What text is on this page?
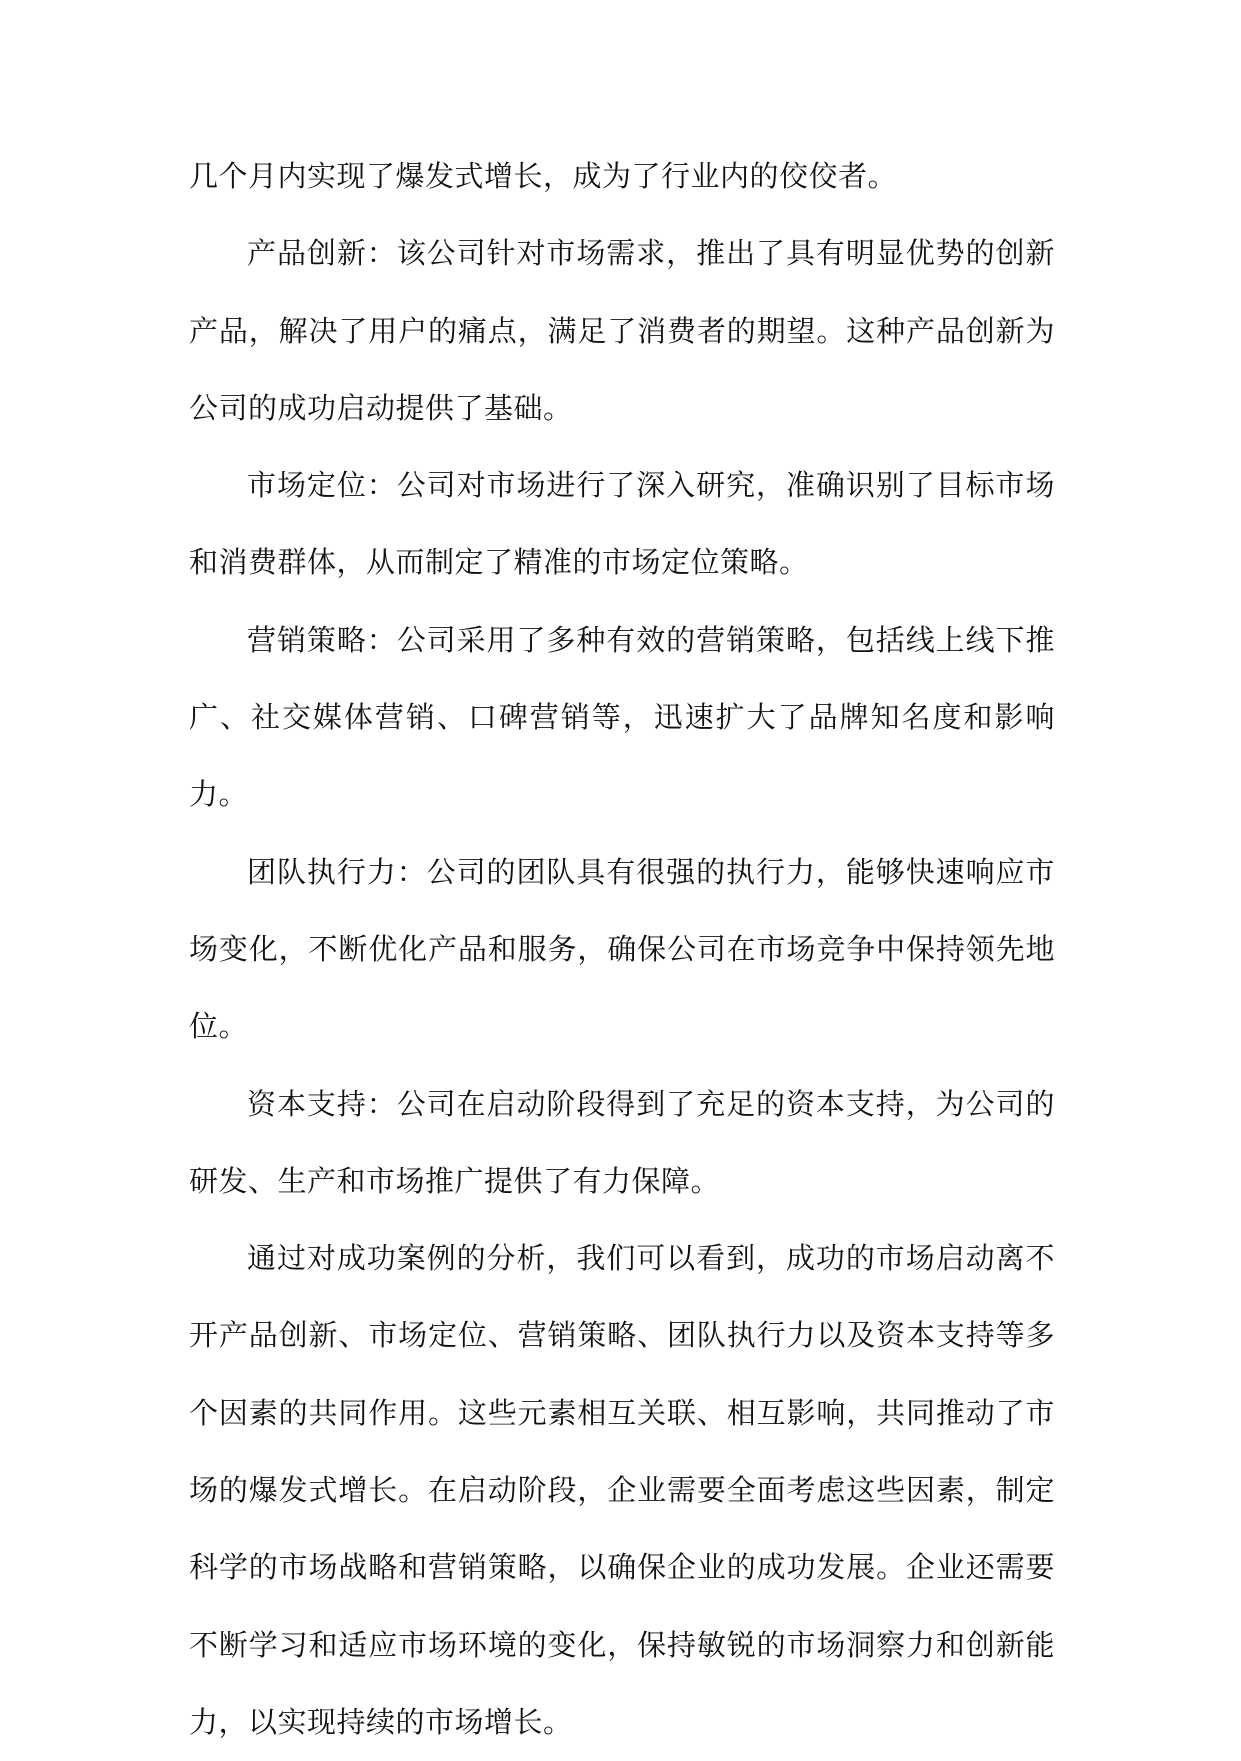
几个月内实现了爆发式增长，成为了行业内的佼佼者。

产品创新：该公司针对市场需求，推出了具有明显优势的创新产品，解决了用户的痛点，满足了消费者的期望。这种产品创新为公司的成功启动提供了基础。

市场定位：公司对市场进行了深入研究，准确识别了目标市场和消费群体，从而制定了精准的市场定位策略。

营销策略：公司采用了多种有效的营销策略，包括线上线下推广、社交媒体营销、口碑营销等，迅速扩大了品牌知名度和影响力。

团队执行力：公司的团队具有很强的执行力，能够快速响应市场变化，不断优化产品和服务，确保公司在市场竞争中保持领先地位。

资本支持：公司在启动阶段得到了充足的资本支持，为公司的研发、生产和市场推广提供了有力保障。

通过对成功案例的分析，我们可以看到，成功的市场启动离不开产品创新、市场定位、营销策略、团队执行力以及资本支持等多个因素的共同作用。这些元素相互关联、相互影响，共同推动了市场的爆发式增长。在启动阶段，企业需要全面考虑这些因素，制定科学的市场战略和营销策略，以确保企业的成功发展。企业还需要不断学习和适应市场环境的变化，保持敏锐的市场洞察力和创新能力，以实现持续的市场增长。
